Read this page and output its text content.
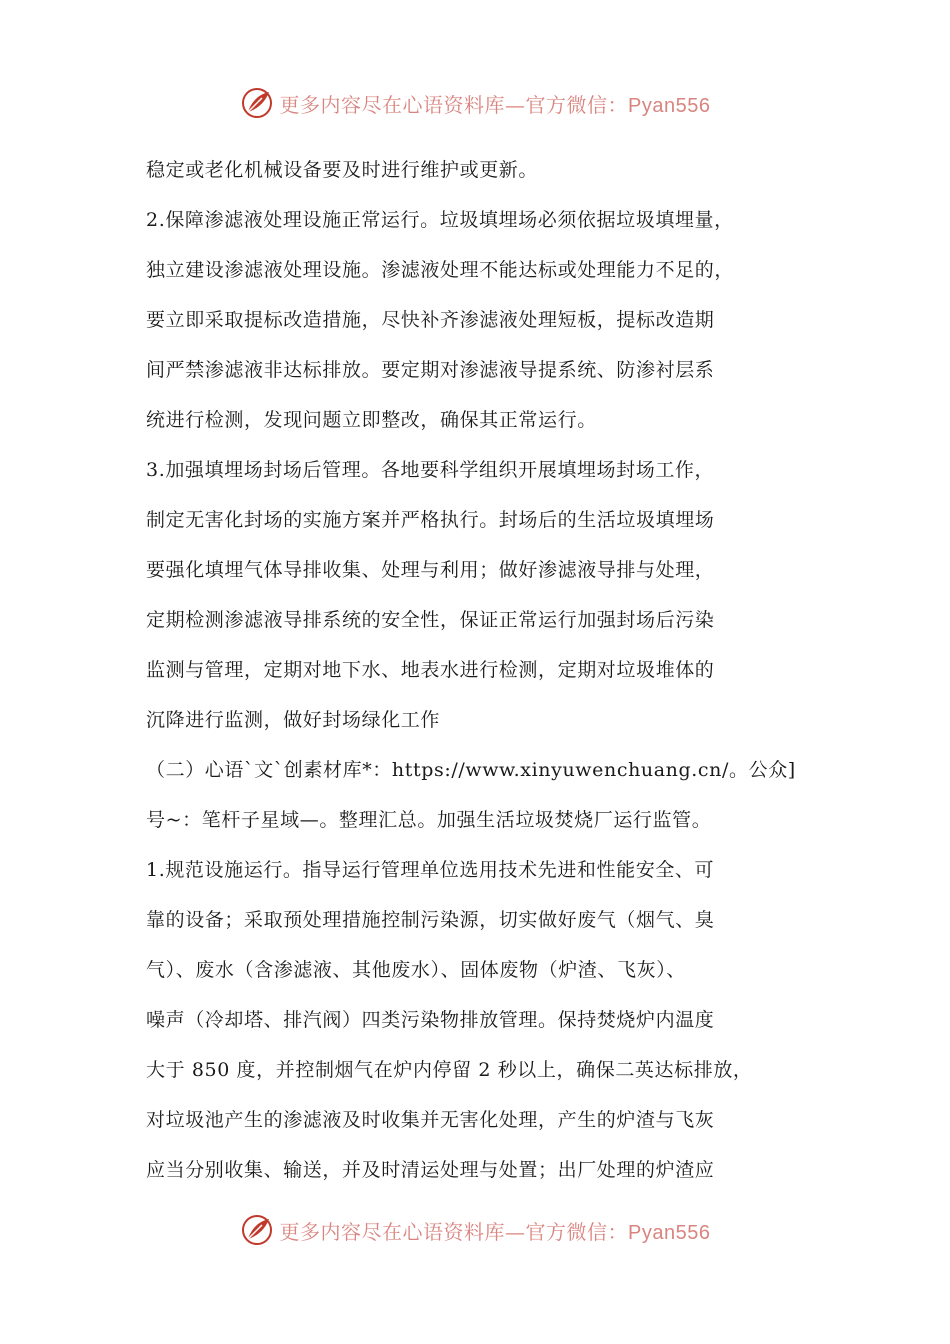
更多内容尽在心语资料库—官方微信：Pyan556
稳定或老化机械设备要及时进行维护或更新。
2.保障渗滤液处理设施正常运行。垃圾填埋场必须依据垃圾填埋量，
独立建设渗滤液处理设施。渗滤液处理不能达标或处理能力不足的，
要立即采取提标改造措施，尽快补齐渗滤液处理短板，提标改造期
间严禁渗滤液非达标排放。要定期对渗滤液导提系统、防渗衬层系
统进行检测，发现问题立即整改，确保其正常运行。
3.加强填埋场封场后管理。各地要科学组织开展填埋场封场工作，
制定无害化封场的实施方案并严格执行。封场后的生活垃圾填埋场
要强化填埋气体导排收集、处理与利用；做好渗滤液导排与处理，
定期检测渗滤液导排系统的安全性，保证正常运行加强封场后污染
监测与管理，定期对地下水、地表水进行检测，定期对垃圾堆体的
沉降进行监测，做好封场绿化工作
（二）心语`文`创素材库*：https://www.xinyuwenchuang.cn/。公众]
号~：笔杆子星域—。整理汇总。加强生活垃圾焚烧厂运行监管。
1.规范设施运行。指导运行管理单位选用技术先进和性能安全、可
靠的设备；采取预处理措施控制污染源，切实做好废气（烟气、臭
气）、废水（含渗滤液、其他废水）、固体废物（炉渣、飞灰）、
噪声（冷却塔、排汽阀）四类污染物排放管理。保持焚烧炉内温度
大于 850 度，并控制烟气在炉内停留 2 秒以上，确保二英达标排放，
对垃圾池产生的渗滤液及时收集并无害化处理，产生的炉渣与飞灰
应当分别收集、输送，并及时清运处理与处置；出厂处理的炉渣应
更多内容尽在心语资料库—官方微信：Pyan556
